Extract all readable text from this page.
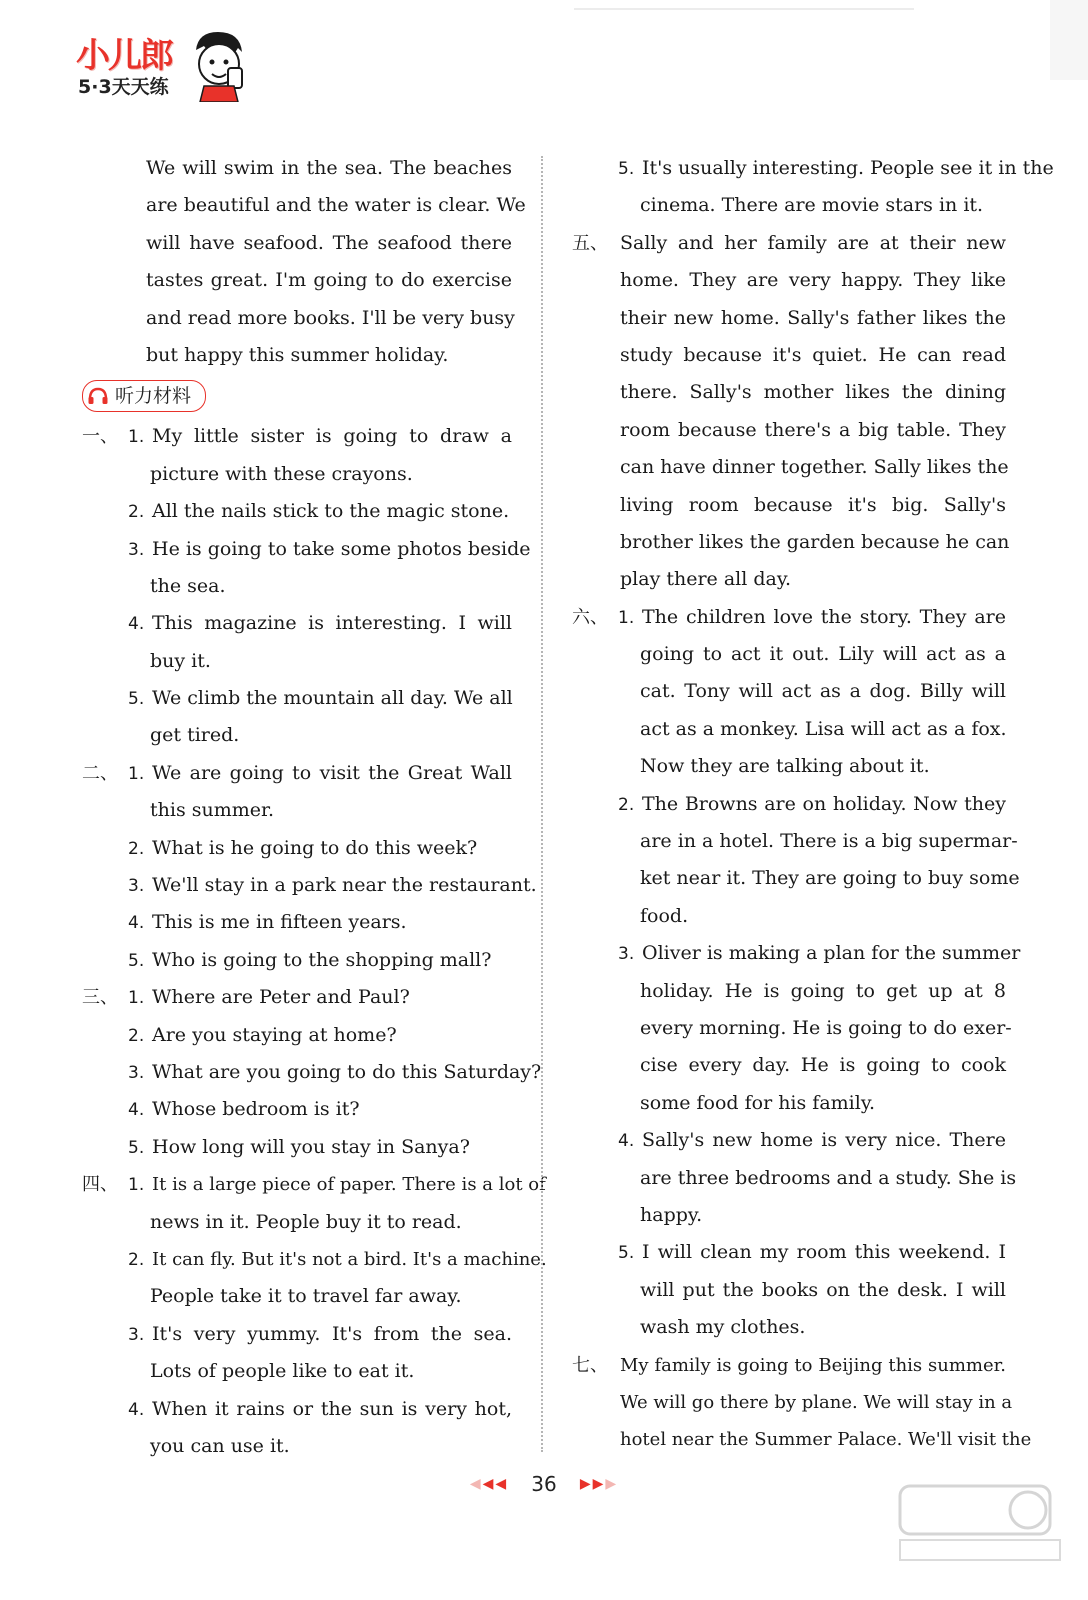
小儿郎
5·3天天练
We will swim in the sea. The beaches
are beautiful and the water is clear. We
will have seafood. The seafood there
tastes great. I'm going to do exercise
and read more books. I'll be very busy
but happy this summer holiday.
听力材料
一、 1. My little sister is going to draw a
picture with these crayons.
2. All the nails stick to the magic stone.
3. He is going to take some photos beside
the sea.
4. This magazine is interesting. I will
buy it.
5. We climb the mountain all day. We all
get tired.
二、 1. We are going to visit the Great Wall
this summer.
2. What is he going to do this week?
3. We'll stay in a park near the restaurant.
4. This is me in fifteen years.
5. Who is going to the shopping mall?
三、 1. Where are Peter and Paul?
2. Are you staying at home?
3. What are you going to do this Saturday?
4. Whose bedroom is it?
5. How long will you stay in Sanya?
四、 1. It is a large piece of paper. There is a lot of
news in it. People buy it to read.
2. It can fly. But it's not a bird. It's a machine.
People take it to travel far away.
3. It's very yummy. It's from the sea.
Lots of people like to eat it.
4. When it rains or the sun is very hot,
you can use it.
5. It's usually interesting. People see it in the
cinema. There are movie stars in it.
五、 Sally and her family are at their new
home. They are very happy. They like
their new home. Sally's father likes the
study because it's quiet. He can read
there. Sally's mother likes the dining
room because there's a big table. They
can have dinner together. Sally likes the
living room because it's big. Sally's
brother likes the garden because he can
play there all day.
六、 1. The children love the story. They are
going to act it out. Lily will act as a
cat. Tony will act as a dog. Billy will
act as a monkey. Lisa will act as a fox.
Now they are talking about it.
2. The Browns are on holiday. Now they
are in a hotel. There is a big supermar-
ket near it. They are going to buy some
food.
3. Oliver is making a plan for the summer
holiday. He is going to get up at 8
every morning. He is going to do exer-
cise every day. He is going to cook
some food for his family.
4. Sally's new home is very nice. There
are three bedrooms and a study. She is
happy.
5. I will clean my room this weekend. I
will put the books on the desk. I will
wash my clothes.
七、 My family is going to Beijing this summer.
We will go there by plane. We will stay in a
hotel near the Summer Palace. We'll visit the
◀◀◀ 36 ▶▶▶
